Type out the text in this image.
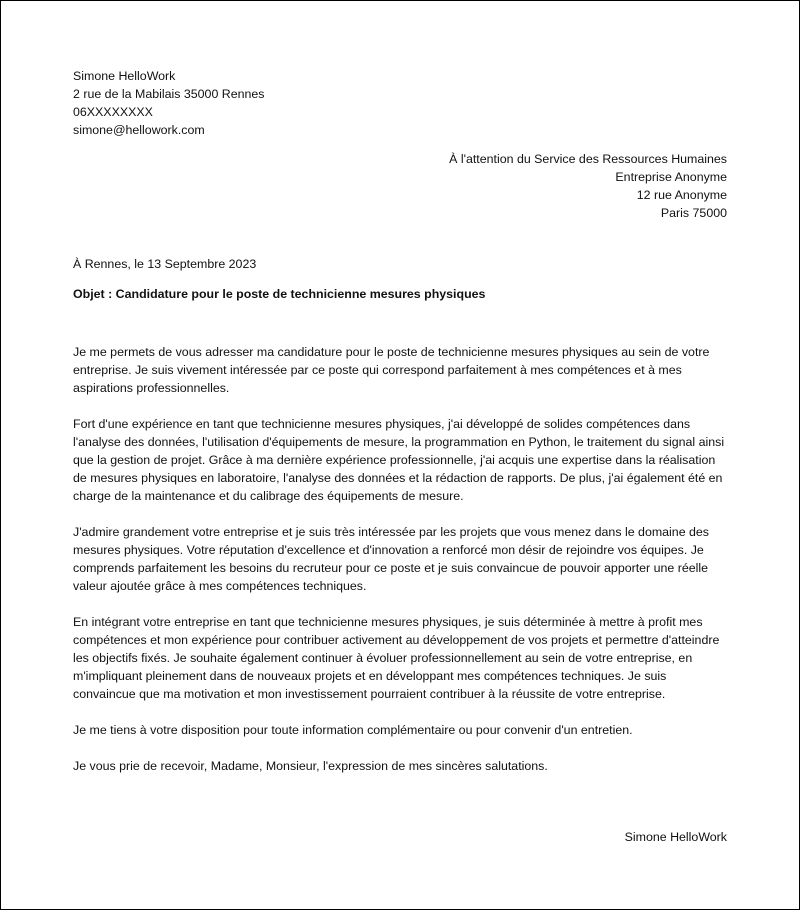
Simone HelloWork
2 rue de la Mabilais 35000 Rennes
06XXXXXXXX
simone@hellowork.com
À l'attention du Service des Ressources Humaines
Entreprise Anonyme
12 rue Anonyme
Paris 75000
À Rennes, le 13 Septembre 2023
Objet : Candidature pour le poste de technicienne mesures physiques

Je me permets de vous adresser ma candidature pour le poste de technicienne mesures physiques au sein de votre entreprise. Je suis vivement intéressée par ce poste qui correspond parfaitement à mes compétences et à mes aspirations professionnelles.

Fort d'une expérience en tant que technicienne mesures physiques, j'ai développé de solides compétences dans l'analyse des données, l'utilisation d'équipements de mesure, la programmation en Python, le traitement du signal ainsi que la gestion de projet. Grâce à ma dernière expérience professionnelle, j'ai acquis une expertise dans la réalisation de mesures physiques en laboratoire, l'analyse des données et la rédaction de rapports. De plus, j'ai également été en charge de la maintenance et du calibrage des équipements de mesure.

J'admire grandement votre entreprise et je suis très intéressée par les projets que vous menez dans le domaine des mesures physiques. Votre réputation d'excellence et d'innovation a renforcé mon désir de rejoindre vos équipes. Je comprends parfaitement les besoins du recruteur pour ce poste et je suis convaincue de pouvoir apporter une réelle valeur ajoutée grâce à mes compétences techniques.

En intégrant votre entreprise en tant que technicienne mesures physiques, je suis déterminée à mettre à profit mes compétences et mon expérience pour contribuer activement au développement de vos projets et permettre d'atteindre les objectifs fixés. Je souhaite également continuer à évoluer professionnellement au sein de votre entreprise, en m'impliquant pleinement dans de nouveaux projets et en développant mes compétences techniques. Je suis convaincue que ma motivation et mon investissement pourraient contribuer à la réussite de votre entreprise.

Je me tiens à votre disposition pour toute information complémentaire ou pour convenir d'un entretien.

Je vous prie de recevoir, Madame, Monsieur, l'expression de mes sincères salutations.

Simone HelloWork
